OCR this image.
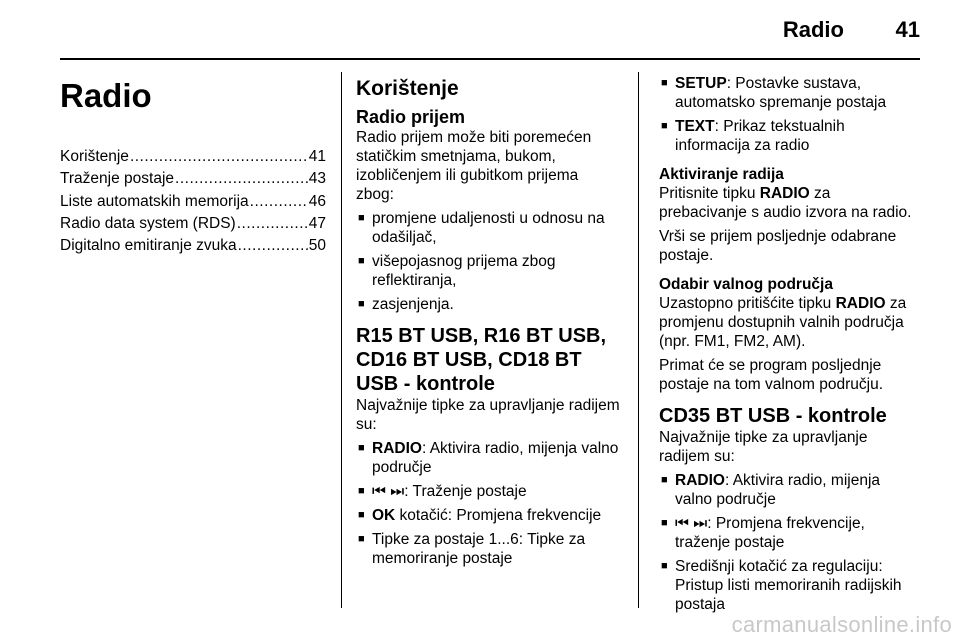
Radio 41
Radio
Korištenje .....	41
Traženje postaje .....	43
Liste automatskih memorija .....	46
Radio data system (RDS) .....	47
Digitalno emitiranje zvuka .....	50
Korištenje
Radio prijem

Radio prijem može biti poremećen statičkim smetnjama, bukom, izobličenjem ili gubitkom prijema zbog:

■ promjene udaljenosti u odnosu na odašiljač,
■ višepojasnog prijema zbog reflektiranja,
■ zasjenjenja.
R15 BT USB, R16 BT USB, CD16 BT USB, CD18 BT USB - kontrole

Najvažnije tipke za upravljanje radijem su:

■ RADIO: Aktivira radio, mijenja valno područje
■ ⏮ ⏭: Traženje postaje
■ OK kotačić: Promjena frekvencije
■ Tipke za postaje 1...6: Tipke za memoriranje postaje
■ SETUP: Postavke sustava, automatsko spremanje postaja
■ TEXT: Prikaz tekstualnih informacija za radio
Aktiviranje radija

Pritisnite tipku RADIO za prebacivanje s audio izvora na radio.

Vrši se prijem posljednje odabrane postaje.

Odabir valnog područja

Uzastopno pritišćite tipku RADIO za promjenu dostupnih valnih područja (npr. FM1, FM2, AM).

Primat će se program posljednje postaje na tom valnom području.

CD35 BT USB - kontrole

Najvažnije tipke za upravljanje radijem su:

■ RADIO: Aktivira radio, mijenja valno područje
■ ⏮ ⏭: Promjena frekvencije, traženje postaje
■ Središnji kotačić za regulaciju: Pristup listi memoriranih radijskih postaja
carmanualsonline.info
